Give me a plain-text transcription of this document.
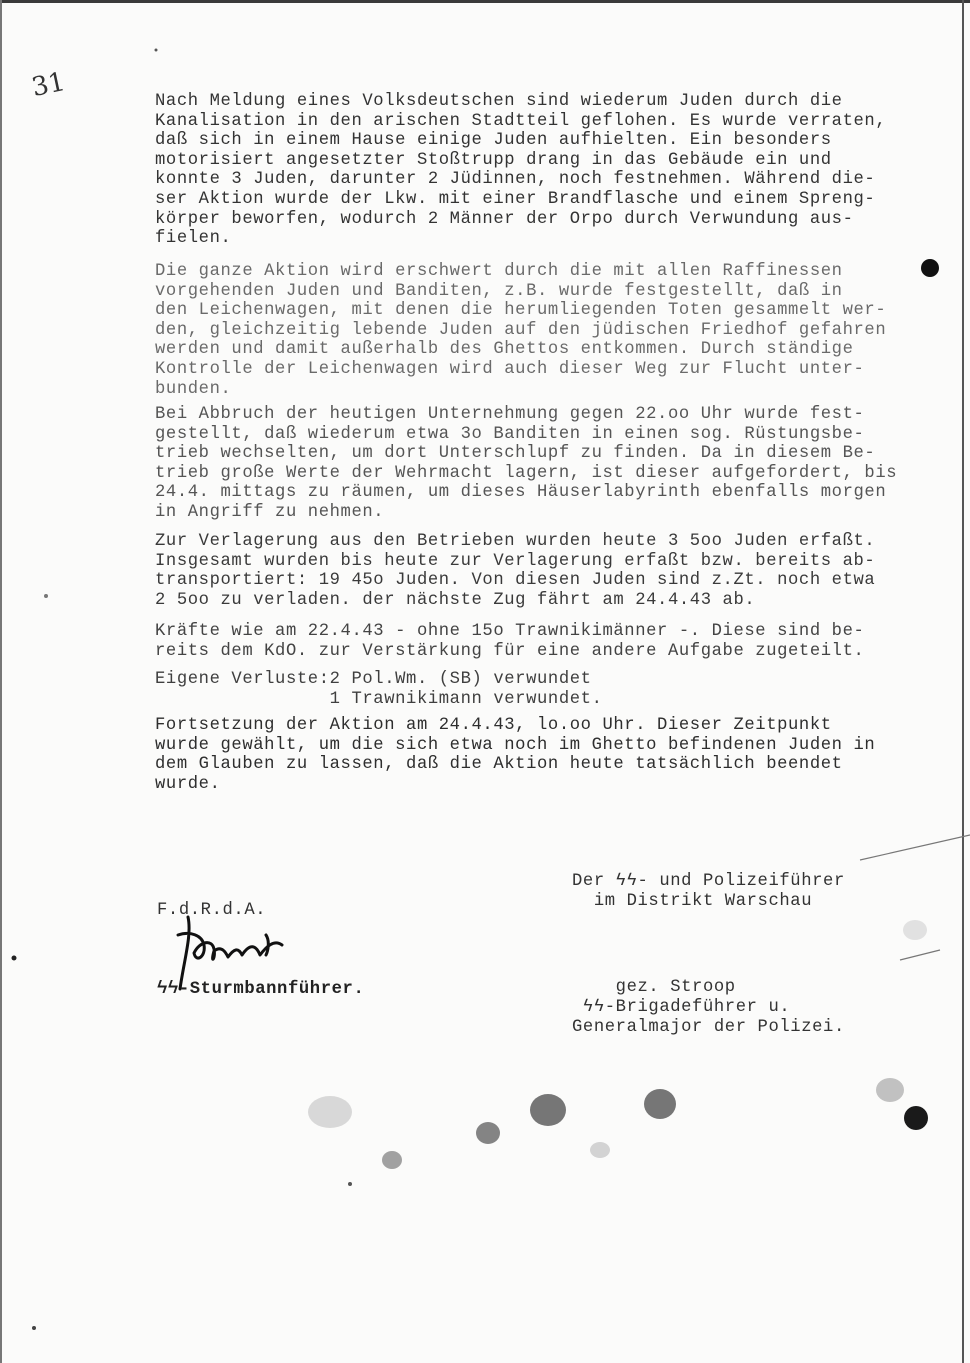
31	Nach Meldung eines Volksdeutschen sind wiederum Juden durch die
Kanalisation in den arischen Stadtteil geflohen. Es wurde verraten,
daß sich in einem Hause einige Juden aufhielten. Ein besonders
motorisiert angesetzter Stoßtrupp drang in das Gebäude ein und
konnte 3 Juden, darunter 2 Jüdinnen, noch festnehmen. Während die-
ser Aktion wurde der Lkw. mit einer Brandflasche und einem Spreng-
körper beworfen, wodurch 2 Männer der Orpo durch Verwundung aus-
fielen.

Die ganze Aktion wird erschwert durch die mit allen Raffinessen
vorgehenden Juden und Banditen, z.B. wurde festgestellt, daß in
den Leichenwagen, mit denen die herumliegenden Toten gesammelt wer-
den, gleichzeitig lebende Juden auf den jüdischen Friedhof gefahren
werden und damit außerhalb des Ghettos entkommen. Durch ständige
Kontrolle der Leichenwagen wird auch dieser Weg zur Flucht unter-
bunden.

Bei Abbruch der heutigen Unternehmung gegen 22.oo Uhr wurde fest-
gestellt, daß wiederum etwa 3o Banditen in einen sog. Rüstungsbe-
trieb wechselten, um dort Unterschlupf zu finden. Da in diesem Be-
trieb große Werte der Wehrmacht lagern, ist dieser aufgefordert, bis
24.4. mittags zu räumen, um dieses Häuserlabyrinth ebenfalls morgen
in Angriff zu nehmen.

Zur Verlagerung aus den Betrieben wurden heute 3 5oo Juden erfaßt.
Insgesamt wurden bis heute zur Verlagerung erfaßt bzw. bereits ab-
transportiert: 19 45o Juden. Von diesen Juden sind z.Zt. noch etwa
2 5oo zu verladen. der nächste Zug fährt am 24.4.43 ab.

Kräfte wie am 22.4.43 - ohne 15o Trawnikimänner -. Diese sind be-
reits dem KdO. zur Verstärkung für eine andere Aufgabe zugeteilt.

Eigene Verluste:2 Pol.Wm. (SB) verwundet
1 Trawnikimann verwundet.

Fortsetzung der Aktion am 24.4.43, lo.oo Uhr. Dieser Zeitpunkt
wurde gewählt, um die sich etwa noch im Ghetto befindenen Juden in
dem Glauben zu lassen, daß die Aktion heute tatsächlich beendet
wurde.

Der ϟϟ- und Polizeiführer
im Distrikt Warschau

gez. Stroop
ϟϟ-Brigadeführer u.
Generalmajor der Polizei.

F.d.R.d.A.
ϟϟ-Sturmbannführer.
